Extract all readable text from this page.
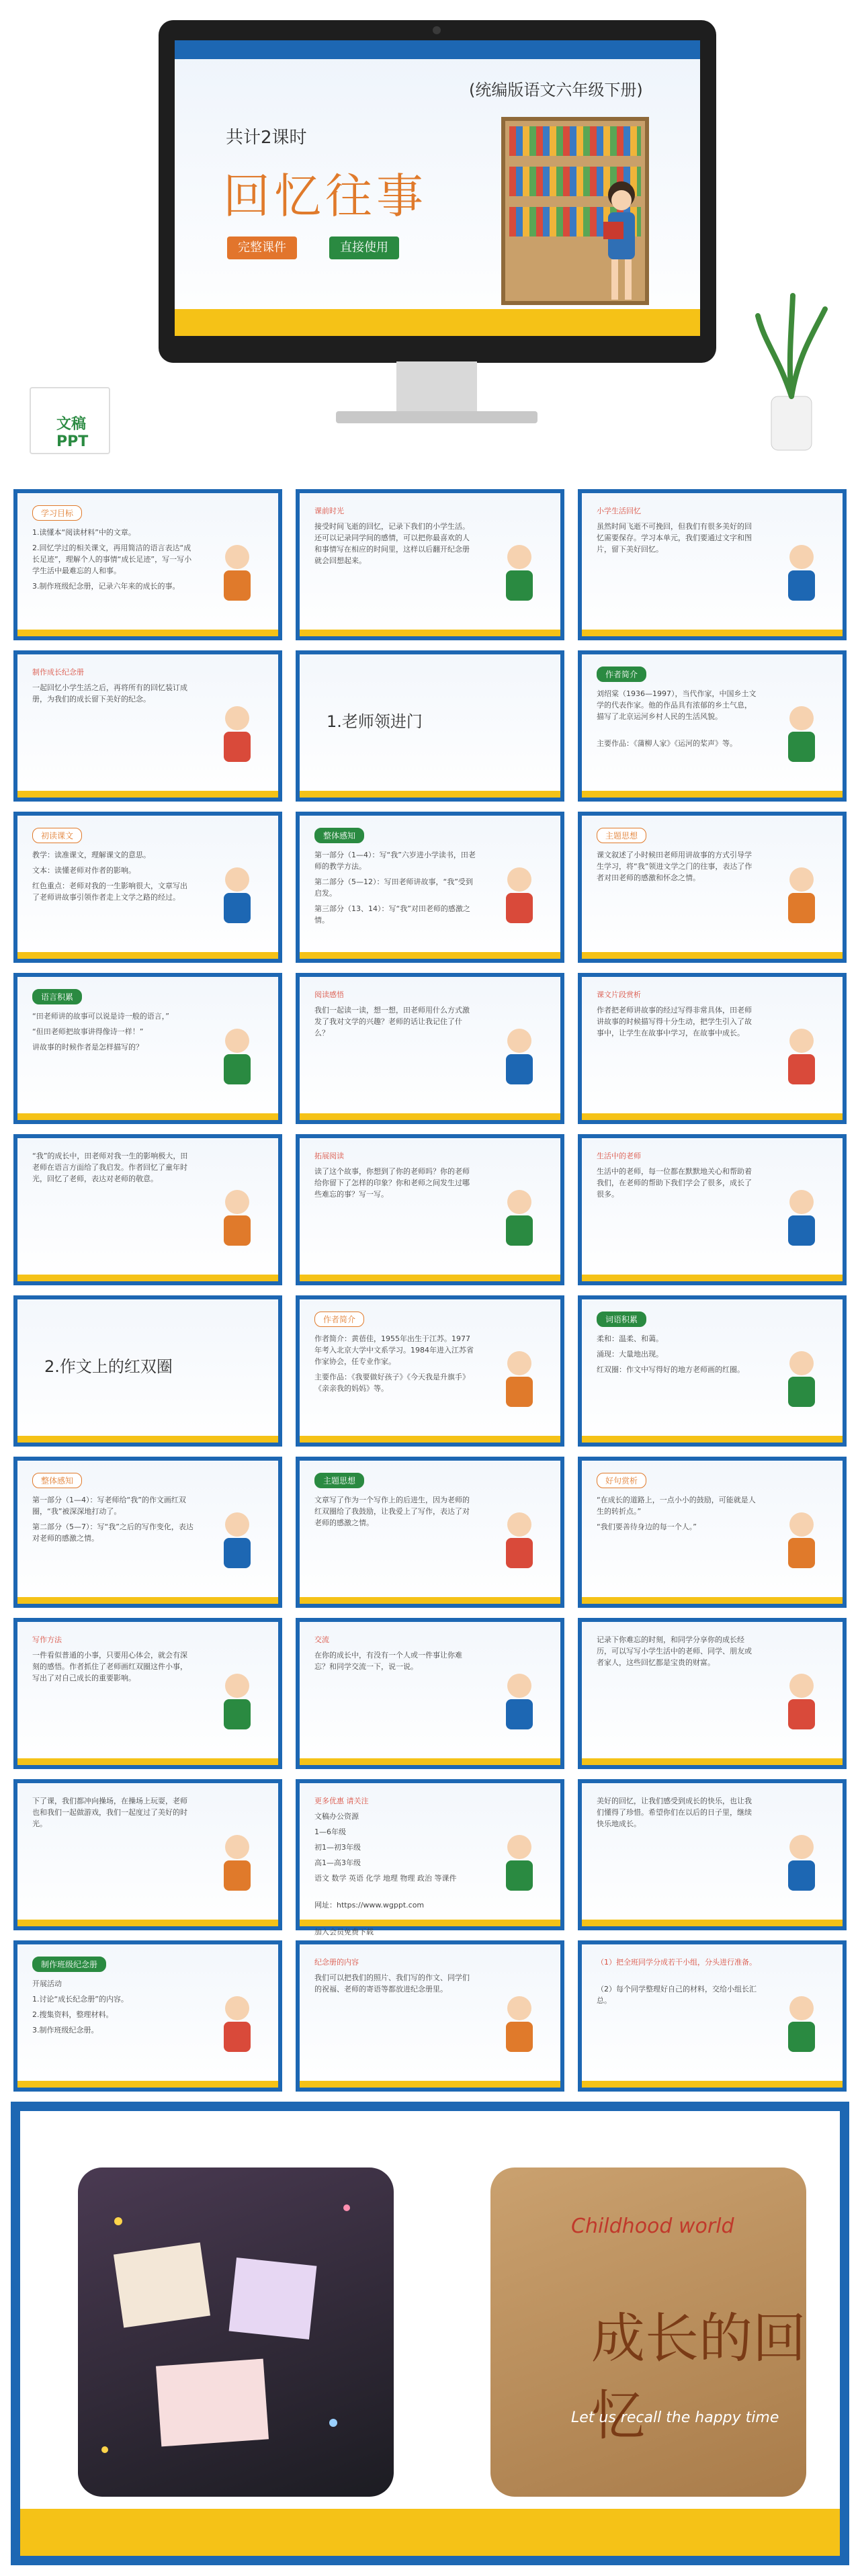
(统编版语文六年级下册)
共计2课时
回忆往事
完整课件	直接使用
文稿PPT
学习目标
1.读懂本“阅读材料”中的文章。
2.回忆学过的相关课文，再用简洁的语言表达“成长足迹”，理解个人的事情“成长足迹”，写一写小学生活中最难忘的人和事。
3.制作班级纪念册，记录六年来的成长的事。
课前时光
接受时间飞逝的回忆，记录下我们的小学生活。还可以记录同学间的感情，可以把你最喜欢的人和事情写在相应的时间里，这样以后翻开纪念册就会回想起来。
小学生活回忆
虽然时间飞逝不可挽回，但我们有很多美好的回忆需要保存。学习本单元，我们要通过文字和图片，留下美好回忆。
制作成长纪念册
一起回忆小学生活之后，再将所有的回忆装订成册，为我们的成长留下美好的纪念。
1.老师领进门
作者简介
刘绍棠（1936—1997），当代作家，中国乡土文学的代表作家。他的作品具有浓郁的乡土气息，描写了北京运河乡村人民的生活风貌。
主要作品：《蒲柳人家》《运河的桨声》等。
初读课文
教学：读准课文，理解课文的意思。
文本：读懂老师对作者的影响。
红色重点：老师对我的一生影响很大，文章写出了老师讲故事引领作者走上文学之路的经过。
整体感知
第一部分（1—4）：写“我”六岁进小学读书，田老师的教学方法。
第二部分（5—12）：写田老师讲故事，“我”受到启发。
第三部分（13、14）：写“我”对田老师的感激之情。
主题思想
课文叙述了小时候田老师用讲故事的方式引导学生学习，将“我”领进文学之门的往事，表达了作者对田老师的感激和怀念之情。
语言积累
“田老师讲的故事可以说是诗一般的语言，”
“但田老师把故事讲得像诗一样！”
讲故事的时候作者是怎样描写的？
阅读感悟
我们一起读一读，想一想，田老师用什么方式激发了我对文学的兴趣？老师的话让我记住了什么？
课文片段赏析
作者把老师讲故事的经过写得非常具体，田老师讲故事的时候描写得十分生动，把学生引入了故事中，让学生在故事中学习，在故事中成长。
“我”的成长中，田老师对我一生的影响极大，田老师在语言方面给了我启发。作者回忆了童年时光，回忆了老师，表达对老师的敬意。
拓展阅读
读了这个故事，你想到了你的老师吗？你的老师给你留下了怎样的印象？你和老师之间发生过哪些难忘的事？写一写。
生活中的老师
生活中的老师，每一位都在默默地关心和帮助着我们，在老师的帮助下我们学会了很多，成长了很多。
2.作文上的红双圈
作者简介
作者简介：黄蓓佳，1955年出生于江苏。1977年考入北京大学中文系学习。1984年进入江苏省作家协会，任专业作家。
主要作品：《我要做好孩子》《今天我是升旗手》《亲亲我的妈妈》等。
词语积累
柔和：温柔、和蔼。
涌现：大量地出现。
红双圈：作文中写得好的地方老师画的红圈。
整体感知
第一部分（1—4）：写老师给“我”的作文画红双圈，“我”被深深地打动了。
第二部分（5—7）：写“我”之后的写作变化，表达对老师的感激之情。
主题思想
文章写了作为一个写作上的后进生，因为老师的红双圈给了我鼓励，让我爱上了写作，表达了对老师的感激之情。
好句赏析
“在成长的道路上，一点小小的鼓励，可能就是人生的转折点。”
“我们要善待身边的每一个人。”
写作方法
一件看似普通的小事，只要用心体会，就会有深刻的感悟。作者抓住了老师画红双圈这件小事，写出了对自己成长的重要影响。
交流
在你的成长中，有没有一个人或一件事让你难忘？和同学交流一下，说一说。
记录下你难忘的时刻，和同学分享你的成长经历，可以写写小学生活中的老师、同学、朋友或者家人，这些回忆都是宝贵的财富。
下了课，我们都冲向操场，在操场上玩耍，老师也和我们一起做游戏，我们一起度过了美好的时光。
更多优惠 请关注
文稿办公资源
1—6年级
初1—初3年级
高1—高3年级
语文 数学 英语 化学 地理 物理 政治 等课件
网址：https://www.wgppt.com
加入会员免费下载
美好的回忆，让我们感受到成长的快乐，也让我们懂得了珍惜。希望你们在以后的日子里，继续快乐地成长。
制作班级纪念册
开展活动
1.讨论“成长纪念册”的内容。
2.搜集资料，整理材料。
3.制作班级纪念册。
纪念册的内容
我们可以把我们的照片、我们写的作文、同学们的祝福、老师的寄语等都放进纪念册里。
（1）把全班同学分成若干小组，分头进行准备。
（2）每个同学整理好自己的材料，交给小组长汇总。
Childhood world
成长的回忆
Let us recall the happy time
